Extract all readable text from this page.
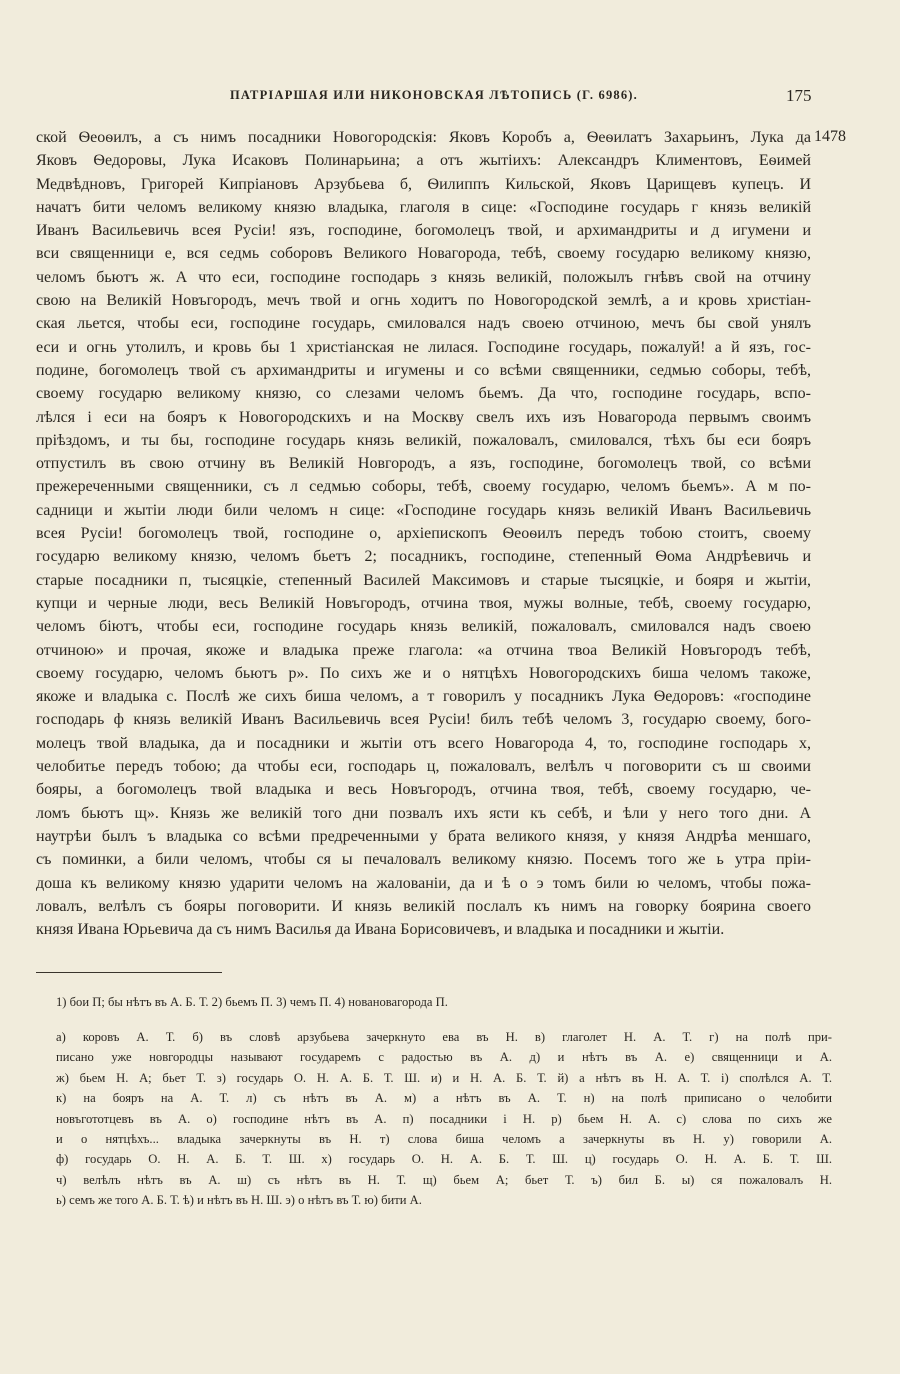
ПАТРІАРШАЯ ИЛИ НИКОНОВСКАЯ ЛѢТОПИСЬ (Г. 6986).	175
1478
ской Ѳеоѳилъ, а съ нимъ посадники Новогородскія: Яковъ Коробъ а, Ѳеѳилатъ Захарьинъ, Лука да
Яковъ Ѳедоровы, Лука Исаковъ Полинарьина; а отъ жытіихъ: Александръ Климентовъ, Еѳимей
Медвѣдновъ, Григорей Кипріановъ Арзубьева б, Ѳилиппъ Кильской, Яковъ Царищевъ купецъ. И
начатъ бити челомъ великому князю владыка, глаголя в сице: «Господине государь г князь великій
Иванъ Васильевичь всея Русіи! язъ, господине, богомолецъ твой, и архимандриты и д игумени и
вси священници е, вся седмь соборовъ Великого Новагорода, тебѣ, своему государю великому князю,
челомъ бьютъ ж. А что еси, господине господарь з князь великій, положылъ гнѣвъ свой на отчину
свою на Великій Новъгородъ, мечъ твой и огнь ходитъ по Новогородской землѣ, а и кровь христіан-
ская льется, чтобы еси, господине государь, смиловался надъ своею отчиною, мечъ бы свой унялъ
еси и огнь утолилъ, и кровь бы 1 христіанская не лилася. Господине государь, пожалуй! а й язъ, гос-
подине, богомолецъ твой съ архимандриты и игумены и со всѣми священники, седмью соборы, тебѣ,
своему государю великому князю, со слезами челомъ бьемъ. Да что, господине государь, вспо-
лѣлся і еси на бояръ к Новогородскихъ и на Москву свелъ ихъ изъ Новагорода первымъ своимъ
пріѣздомъ, и ты бы, господине государь князь великій, пожаловалъ, смиловался, тѣхъ бы еси бояръ
отпустилъ въ свою отчину въ Великій Новгородъ, а язъ, господине, богомолецъ твой, со всѣми
прежереченными священники, съ л седмью соборы, тебѣ, своему государю, челомъ бьемъ». А м по-
садници и жытіи люди били челомъ н сице: «Господине государь князь великій Иванъ Васильевичь
всея Русіи! богомолецъ твой, господине о, архіепископъ Ѳеоѳилъ передъ тобою стоитъ, своему
государю великому князю, челомъ бьетъ 2; посадникъ, господине, степенный Ѳома Андрѣевичь и
старые посадники п, тысяцкіе, степенный Василей Максимовъ и старые тысяцкіе, и бояря и жытіи,
купци и черные люди, весь Великій Новъгородъ, отчина твоя, мужы волные, тебѣ, своему государю,
челомъ біютъ, чтобы еси, господине государь князь великій, пожаловалъ, смиловался надъ своею
отчиною» и прочая, якоже и владыка преже глагола: «а отчина твоа Великій Новъгородъ тебѣ,
своему государю, челомъ бьютъ р». По сихъ же и о нятцѣхъ Новогородскихъ биша челомъ такоже,
якоже и владыка с. Послѣ же сихъ биша челомъ, а т говорилъ у посадникъ Лука Ѳедоровъ: «господине
господарь ф князь великій Иванъ Васильевичь всея Русіи! билъ тебѣ челомъ 3, государю своему, бого-
молецъ твой владыка, да и посадники и жытіи отъ всего Новагорода 4, то, господине господарь х,
челобитье передъ тобою; да чтобы еси, господарь ц, пожаловалъ, велѣлъ ч поговорити съ ш своими
бояры, а богомолецъ твой владыка и весь Новъгородъ, отчина твоя, тебѣ, своему государю, че-
ломъ бьютъ щ». Князь же великій того дни позвалъ ихъ ясти къ себѣ, и ѣли у него того дни. А
наутрѣи былъ ъ владыка со всѣми предреченными у брата великого князя, у князя Андрѣа меншаго,
съ поминки, а били челомъ, чтобы ся ы печаловалъ великому князю. Посемъ того же ь утра пріи-
доша къ великому князю ударити челомъ на жалованіи, да и ѣ о э томъ били ю челомъ, чтобы пожа-
ловалъ, велѣлъ съ бояры поговорити. И князь великій послалъ къ нимъ на говорку боярина своего
князя Ивана Юрьевича да съ нимъ Василья да Ивана Борисовичевъ, и владыка и посадники и жытіи.
1) бои П; бы нѣтъ въ А. Б. Т. 2) бьемъ П. 3) чемъ П. 4) новановагорода П.
а) коровъ А. Т. б) въ словѣ арзубьева зачеркнуто ева въ Н. в) глаголет Н. А. Т. г) на полѣ при-
писано уже новгородцы называют государемъ с радостью въ А. д) и нѣтъ въ А. е) священници и А.
ж) бьем Н. А; бьет Т. з) государь О. Н. А. Б. Т. Ш. и) и Н. А. Б. Т. й) а нѣтъ въ Н. А. Т. і) сполѣлся А. Т.
к) на бояръ на А. Т. л) съ нѣтъ въ А. м) а нѣтъ въ А. Т. н) на полѣ приписано о челобити
новъгототцевъ въ А. о) господине нѣтъ въ А. п) посадники і Н. р) бьем Н. А. с) слова по сихъ же
и о нятцѣхъ... владыка зачеркнуты въ Н. т) слова биша челомъ а зачеркнуты въ Н. у) говорили А.
ф) государь О. Н. А. Б. Т. Ш. х) государь О. Н. А. Б. Т. Ш. ц) государь О. Н. А. Б. Т. Ш.
ч) велѣлъ нѣтъ въ А. ш) съ нѣтъ въ Н. Т. щ) бьем А; бьет Т. ъ) бил Б. ы) ся пожаловалъ Н.
ь) семъ же того А. Б. Т. ѣ) и нѣтъ въ Н. Ш. э) о нѣтъ въ Т. ю) бити А.
